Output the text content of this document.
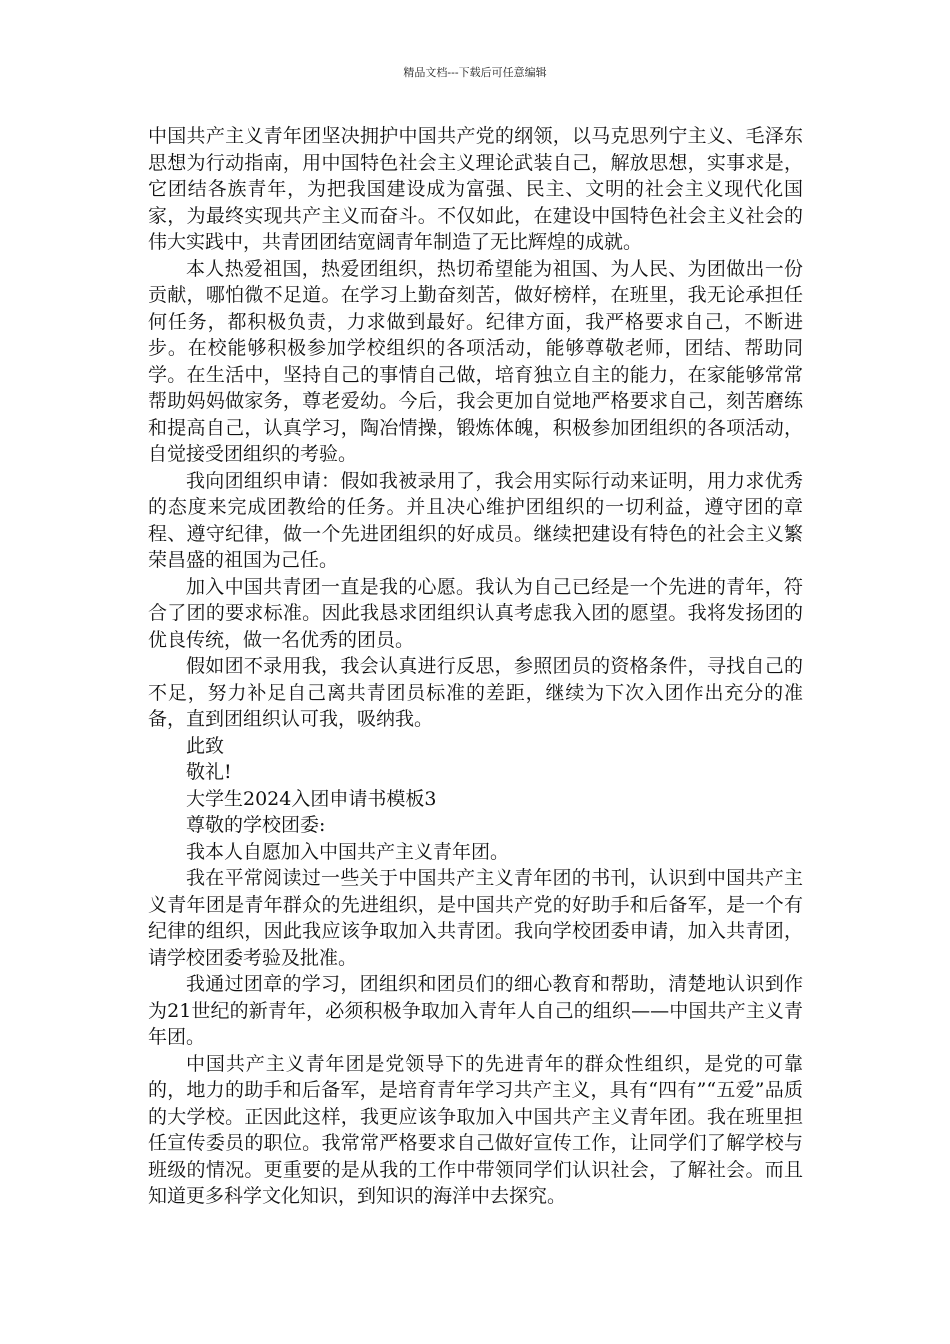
精品文档---下载后可任意编辑

中国共产主义青年团坚决拥护中国共产党的纲领，以马克思列宁主义、毛泽东思想为行动指南，用中国特色社会主义理论武装自己，解放思想，实事求是，它团结各族青年，为把我国建设成为富强、民主、文明的社会主义现代化国家，为最终实现共产主义而奋斗。不仅如此，在建设中国特色社会主义社会的伟大实践中，共青团团结宽阔青年制造了无比辉煌的成就。

本人热爱祖国，热爱团组织，热切希望能为祖国、为人民、为团做出一份贡献，哪怕微不足道。在学习上勤奋刻苦，做好榜样，在班里，我无论承担任何任务，都积极负责，力求做到最好。纪律方面，我严格要求自己，不断进步。在校能够积极参加学校组织的各项活动，能够尊敬老师，团结、帮助同学。在生活中，坚持自己的事情自己做，培育独立自主的能力，在家能够常常帮助妈妈做家务，尊老爱幼。今后，我会更加自觉地严格要求自己，刻苦磨练和提高自己，认真学习，陶冶情操，锻炼体魄，积极参加团组织的各项活动，自觉接受团组织的考验。

我向团组织申请：假如我被录用了，我会用实际行动来证明，用力求优秀的态度来完成团教给的任务。并且决心维护团组织的一切利益，遵守团的章程、遵守纪律，做一个先进团组织的好成员。继续把建设有特色的社会主义繁荣昌盛的祖国为己任。

加入中国共青团一直是我的心愿。我认为自己已经是一个先进的青年，符合了团的要求标准。因此我恳求团组织认真考虑我入团的愿望。我将发扬团的优良传统，做一名优秀的团员。

假如团不录用我，我会认真进行反思，参照团员的资格条件，寻找自己的不足，努力补足自己离共青团员标准的差距，继续为下次入团作出充分的准备，直到团组织认可我，吸纳我。

此致

敬礼!

大学生2024入团申请书模板3

尊敬的学校团委:

我本人自愿加入中国共产主义青年团。

我在平常阅读过一些关于中国共产主义青年团的书刊，认识到中国共产主义青年团是青年群众的先进组织，是中国共产党的好助手和后备军，是一个有纪律的组织，因此我应该争取加入共青团。我向学校团委申请，加入共青团，请学校团委考验及批准。

我通过团章的学习，团组织和团员们的细心教育和帮助，清楚地认识到作为21世纪的新青年，必须积极争取加入青年人自己的组织——中国共产主义青年团。

中国共产主义青年团是党领导下的先进青年的群众性组织，是党的可靠的，地力的助手和后备军，是培育青年学习共产主义，具有“四有”“五爱”品质的大学校。正因此这样，我更应该争取加入中国共产主义青年团。我在班里担任宣传委员的职位。我常常严格要求自己做好宣传工作，让同学们了解学校与班级的情况。更重要的是从我的工作中带领同学们认识社会，了解社会。而且知道更多科学文化知识，到知识的海洋中去探究。
